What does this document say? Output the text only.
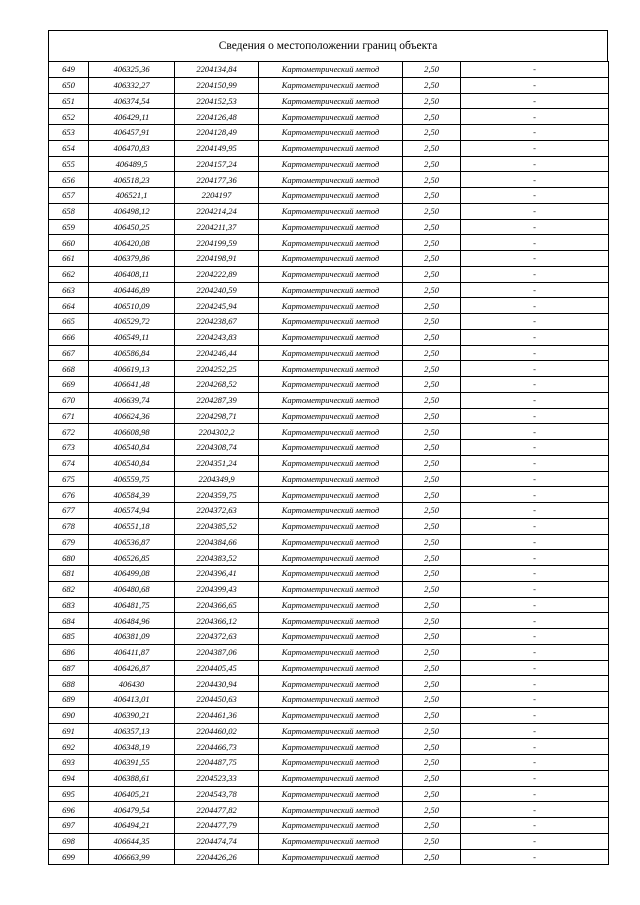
Сведения о местоположении границ объекта
649	406325,36	2204134,84	Картометрический метод	2,50	-
650	406332,27	2204150,99	Картометрический метод	2,50	-
651	406374,54	2204152,53	Картометрический метод	2,50	-
652	406429,11	2204126,48	Картометрический метод	2,50	-
653	406457,91	2204128,49	Картометрический метод	2,50	-
654	406470,83	2204149,95	Картометрический метод	2,50	-
655	406489,5	2204157,24	Картометрический метод	2,50	-
656	406518,23	2204177,36	Картометрический метод	2,50	-
657	406521,1	2204197	Картометрический метод	2,50	-
658	406498,12	2204214,24	Картометрический метод	2,50	-
659	406450,25	2204211,37	Картометрический метод	2,50	-
660	406420,08	2204199,59	Картометрический метод	2,50	-
661	406379,86	2204198,91	Картометрический метод	2,50	-
662	406408,11	2204222,89	Картометрический метод	2,50	-
663	406446,89	2204240,59	Картометрический метод	2,50	-
664	406510,09	2204245,94	Картометрический метод	2,50	-
665	406529,72	2204238,67	Картометрический метод	2,50	-
666	406549,11	2204243,83	Картометрический метод	2,50	-
667	406586,84	2204246,44	Картометрический метод	2,50	-
668	406619,13	2204252,25	Картометрический метод	2,50	-
669	406641,48	2204268,52	Картометрический метод	2,50	-
670	406639,74	2204287,39	Картометрический метод	2,50	-
671	406624,36	2204298,71	Картометрический метод	2,50	-
672	406608,98	2204302,2	Картометрический метод	2,50	-
673	406540,84	2204308,74	Картометрический метод	2,50	-
674	406540,84	2204351,24	Картометрический метод	2,50	-
675	406559,75	2204349,9	Картометрический метод	2,50	-
676	406584,39	2204359,75	Картометрический метод	2,50	-
677	406574,94	2204372,63	Картометрический метод	2,50	-
678	406551,18	2204385,52	Картометрический метод	2,50	-
679	406536,87	2204384,66	Картометрический метод	2,50	-
680	406526,85	2204383,52	Картометрический метод	2,50	-
681	406499,08	2204396,41	Картометрический метод	2,50	-
682	406480,68	2204399,43	Картометрический метод	2,50	-
683	406481,75	2204366,65	Картометрический метод	2,50	-
684	406484,96	2204366,12	Картометрический метод	2,50	-
685	406381,09	2204372,63	Картометрический метод	2,50	-
686	406411,87	2204387,06	Картометрический метод	2,50	-
687	406426,87	2204405,45	Картометрический метод	2,50	-
688	406430	2204430,94	Картометрический метод	2,50	-
689	406413,01	2204450,63	Картометрический метод	2,50	-
690	406390,21	2204461,36	Картометрический метод	2,50	-
691	406357,13	2204460,02	Картометрический метод	2,50	-
692	406348,19	2204466,73	Картометрический метод	2,50	-
693	406391,55	2204487,75	Картометрический метод	2,50	-
694	406388,61	2204523,33	Картометрический метод	2,50	-
695	406405,21	2204543,78	Картометрический метод	2,50	-
696	406479,54	2204477,82	Картометрический метод	2,50	-
697	406494,21	2204477,79	Картометрический метод	2,50	-
698	406644,35	2204474,74	Картометрический метод	2,50	-
699	406663,99	2204426,26	Картометрический метод	2,50	-
